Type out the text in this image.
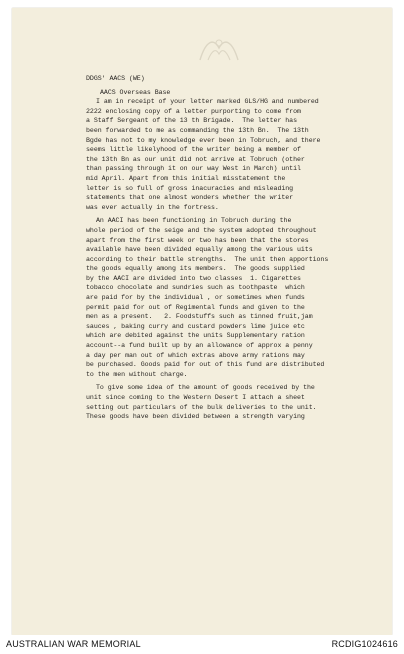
DDGS' AACS (WE)
AACS Overseas Base
I am in receipt of your letter marked GLS/HG and numbered
2222 enclosing copy of a letter purporting to come from
a Staff Sergeant of the 13 th Brigade.  The letter has
been forwarded to me as commanding the 13th Bn.  The 13th
Bgde has not to my knowledge ever been in Tobruch, and there
seems little likelyhood of the writer being a member of
the 13th Bn as our unit did not arrive at Tobruch (other
than passing through it on our way West in March) until
mid April. Apart from this initial misstatement the
letter is so full of gross inacuracies and misleading
statements that one almost wonders whether the writer
was ever actually in the fortress.
An AACI has been functioning in Tobruch during the
whole period of the seige and the system adopted throughout
apart from the first week or two has been that the stores
available have been divided equally among the various uits
according to their battle strengths.  The unit then apportions
the goods equally among its members.  The goods supplied
by the AACI are divided into two classes  1. Cigarettes
tobacco chocolate and sundries such as toothpaste  which
are paid for by the individual , or sometimes when funds
permit paid for out of Regimental funds and given to the
men as a present.   2. Foodstuffs such as tinned fruit,jam
sauces , baking curry and custard powders lime juice etc
which are debited against the units Supplementary ration
account--a fund built up by an allowance of approx a penny
a day per man out of which extras above army rations may
be purchased. Goods paid for out of this fund are distributed
to the men without charge.
To give some idea of the amount of goods received by the
unit since coming to the Western Desert I attach a sheet
setting out particulars of the bulk deliveries to the unit.
These goods have been divided between a strength varying
AUSTRALIAN WAR MEMORIAL	RCDIG1024616
